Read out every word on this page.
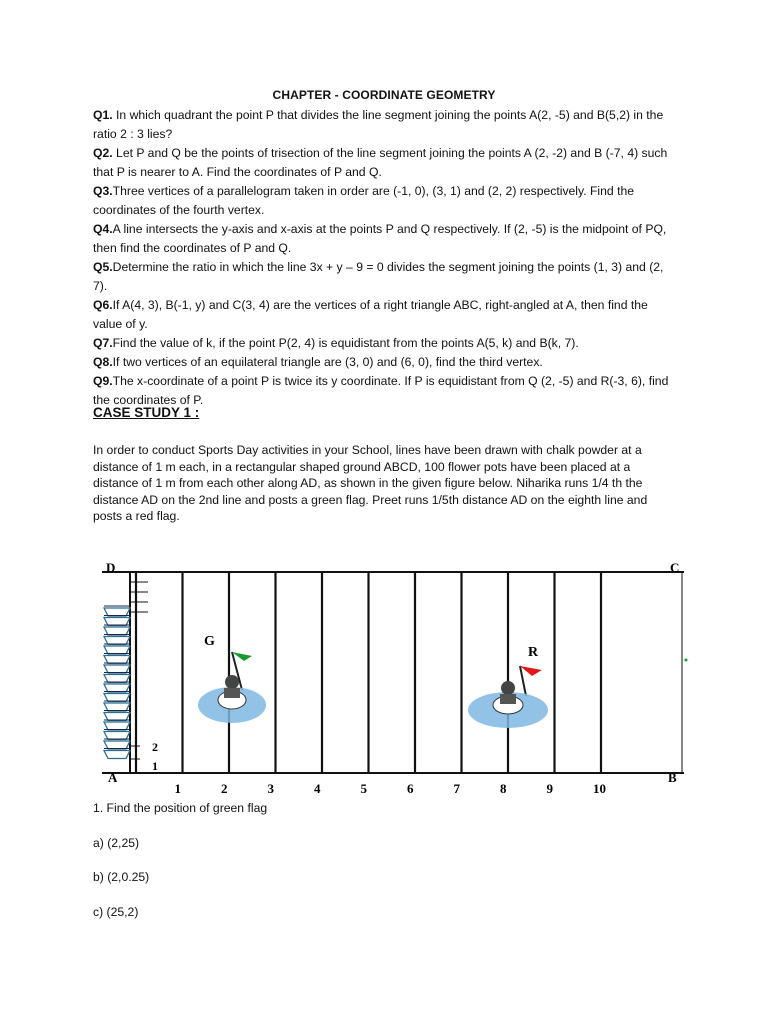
CHAPTER - COORDINATE GEOMETRY

Q1. In which quadrant the point P that divides the line segment joining the points A(2, -5) and B(5,2) in the ratio 2 : 3 lies?

Q2. Let P and Q be the points of trisection of the line segment joining the points A (2, -2) and B (-7, 4) such that P is nearer to A. Find the coordinates of P and Q.

Q3.Three vertices of a parallelogram taken in order are (-1, 0), (3, 1) and (2, 2) respectively. Find the coordinates of the fourth vertex.

Q4.A line intersects the y-axis and x-axis at the points P and Q respectively. If (2, -5) is the midpoint of PQ, then find the coordinates of P and Q.

Q5.Determine the ratio in which the line 3x + y – 9 = 0 divides the segment joining the points (1, 3) and (2, 7).

Q6.If A(4, 3), B(-1, y) and C(3, 4) are the vertices of a right triangle ABC, right-angled at A, then find the value of y.

Q7.Find the value of k, if the point P(2, 4) is equidistant from the points A(5, k) and B(k, 7).

Q8.If two vertices of an equilateral triangle are (3, 0) and (6, 0), find the third vertex.

Q9.The x-coordinate of a point P is twice its y coordinate. If P is equidistant from Q (2, -5) and R(-3, 6), find the coordinates of P.

CASE STUDY 1 :
In order to conduct Sports Day activities in your School, lines have been drawn with chalk powder at a distance of 1 m each, in a rectangular shaped ground ABCD, 100 flower pots have been placed at a distance of 1 m from each other along AD, as shown in the given figure below. Niharika runs 1/4 th the distance AD on the 2nd line and posts a green flag. Preet runs 1/5th distance AD on the eighth line and posts a red flag.
1	2	3	4	5	6	7	8	9	10
1
2
D	C
A	B
G
R

1. Find the position of green flag

a) (2,25)

b) (2,0.25)

c) (25,2)
